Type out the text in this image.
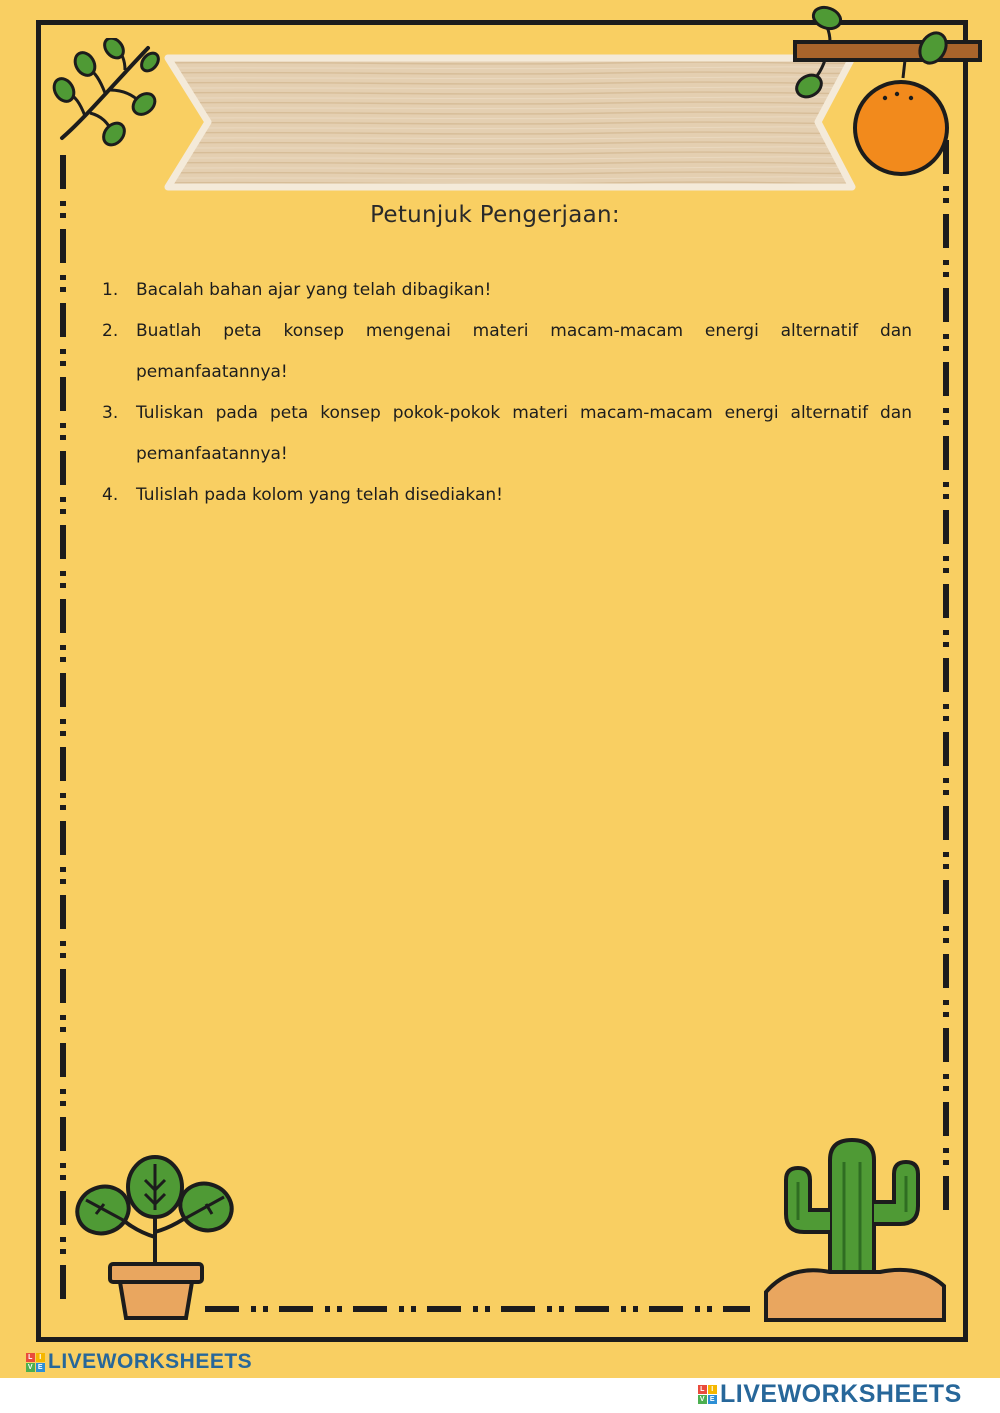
Petunjuk Pengerjaan:
1. Bacalah bahan ajar yang telah dibagikan!
2. Buatlah peta konsep mengenai materi macam-macam energi alternatif dan
pemanfaatannya!
3. Tuliskan pada peta konsep pokok-pokok materi macam-macam energi alternatif dan
pemanfaatannya!
4. Tulislah pada kolom yang telah disediakan!
L I
V E LIVEWORKSHEETS
L I
V E LIVEWORKSHEETS
